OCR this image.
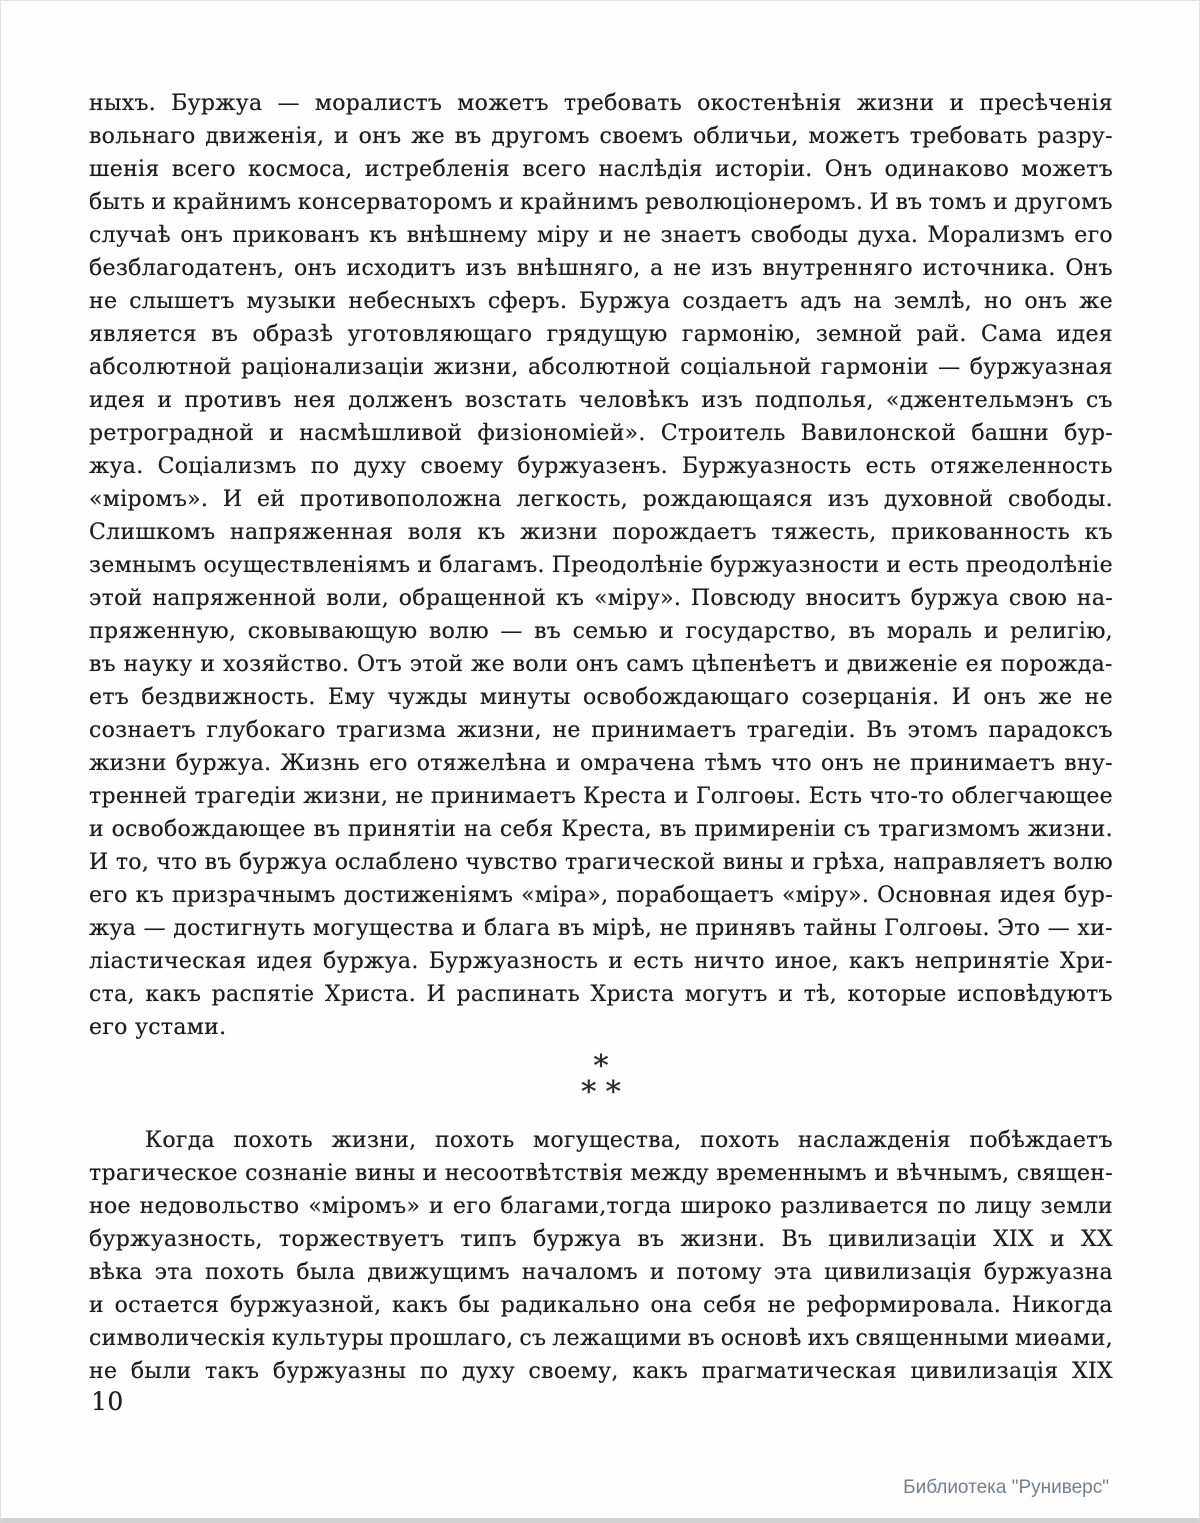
ныхъ. Буржуа — моралистъ можетъ требовать окостенѣнія жизни и пресѣченія
вольнаго движенія, и онъ же въ другомъ своемъ обличьи, можетъ требовать разру-
шенія всего космоса, истребленія всего наслѣдія исторіи. Онъ одинаково можетъ
быть и крайнимъ консерваторомъ и крайнимъ революціонеромъ. И въ томъ и другомъ
случаѣ онъ прикованъ къ внѣшнему міру и не знаетъ свободы духа. Морализмъ его
безблагодатенъ, онъ исходитъ изъ внѣшняго, а не изъ внутренняго источника. Онъ
не слышетъ музыки небесныхъ сферъ. Буржуа создаетъ адъ на землѣ, но онъ же
является въ образѣ уготовляющаго грядущую гармонію, земной рай. Сама идея
абсолютной раціонализаціи жизни, абсолютной соціальной гармоніи — буржуазная
идея и противъ нея долженъ возстать человѣкъ изъ подполья, «джентельмэнъ съ
ретроградной и насмѣшливой физіономіей». Строитель Вавилонской башни бур-
жуа. Соціализмъ по духу своему буржуазенъ. Буржуазность есть отяжеленность
«міромъ». И ей противоположна легкость, рождающаяся изъ духовной свободы.
Слишкомъ напряженная воля къ жизни порождаетъ тяжесть, прикованность къ
земнымъ осуществленіямъ и благамъ. Преодолѣніе буржуазности и есть преодолѣніе
этой напряженной воли, обращенной къ «міру». Повсюду вноситъ буржуа свою на-
пряженную, сковывающую волю — въ семью и государство, въ мораль и религію,
въ науку и хозяйство. Отъ этой же воли онъ самъ цѣпенѣетъ и движеніе ея порожда-
етъ бездвижность. Ему чужды минуты освобождающаго созерцанія. И онъ же не
сознаетъ глубокаго трагизма жизни, не принимаетъ трагедіи. Въ этомъ парадоксъ
жизни буржуа. Жизнь его отяжелѣна и омрачена тѣмъ что онъ не принимаетъ вну-
тренней трагедіи жизни, не принимаетъ Креста и Голгоѳы. Есть что-то облегчающее
и освобождающее въ принятіи на себя Креста, въ примиреніи съ трагизмомъ жизни.
И то, что въ буржуа ослаблено чувство трагической вины и грѣха, направляетъ волю
его къ призрачнымъ достиженіямъ «міра», порабощаетъ «міру». Основная идея бур-
жуа — достигнуть могущества и блага въ мірѣ, не принявъ тайны Голгоѳы. Это — хи-
ліастическая идея буржуа. Буржуазность и есть ничто иное, какъ непринятіе Хри-
ста, какъ распятіе Христа. И распинать Христа могутъ и тѣ, которые исповѣдуютъ
его устами.
*
* *
Когда похоть жизни, похоть могущества, похоть наслажденія побѣждаетъ
трагическое сознаніе вины и несоотвѣтствія между временнымъ и вѣчнымъ, священ-
ное недовольство «міромъ» и его благами,тогда широко разливается по лицу земли
буржуазность, торжествуетъ типъ буржуа въ жизни. Въ цивилизаціи XIX и XX
вѣка эта похоть была движущимъ началомъ и потому эта цивилизація буржуазна
и остается буржуазной, какъ бы радикально она себя не реформировала. Никогда
символическія культуры прошлаго, съ лежащими въ основѣ ихъ священными миѳами,
не были такъ буржуазны по духу своему, какъ прагматическая цивилизація XIX
10
Библиотека "Руниверс"
